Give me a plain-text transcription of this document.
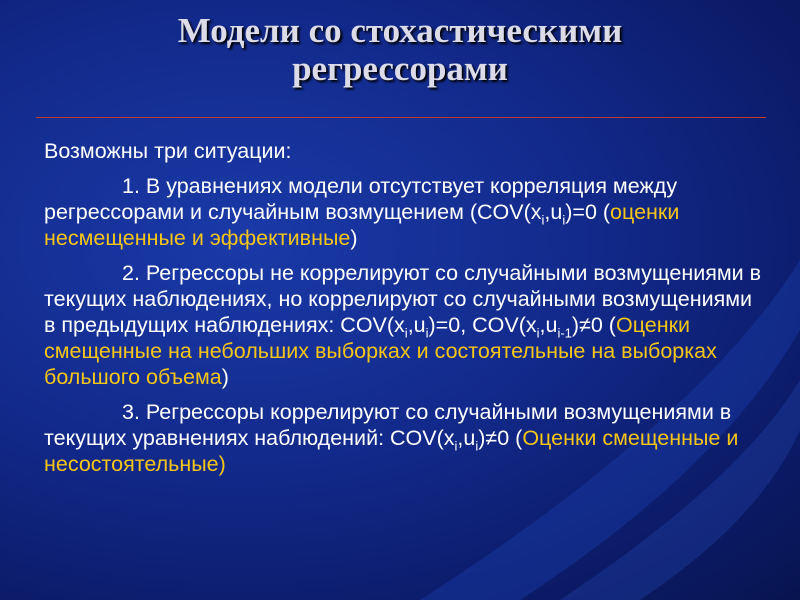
Модели со стохастическими
регрессорами

Возможны три ситуации:

1. В уравнениях модели отсутствует корреляция между регрессорами и случайным возмущением ($COV(x_i,u_i)=0$ (оценки несмещенные и эффективные)

2. Регрессоры не коррелируют со случайными возмущениями в текущих наблюдениях, но коррелируют со случайными возмущениями в предыдущих наблюдениях: $COV(x_i,u_i)=0$, $COV(x_i,u_{i-1})\ne 0$ (Оценки смещенные на небольших выборках и состоятельные на выборках большого объема)

3. Регрессоры коррелируют со случайными возмущениями в текущих уравнениях наблюдений: $COV(x_i,u_i)\ne 0$ (Оценки смещенные и несостоятельные)
